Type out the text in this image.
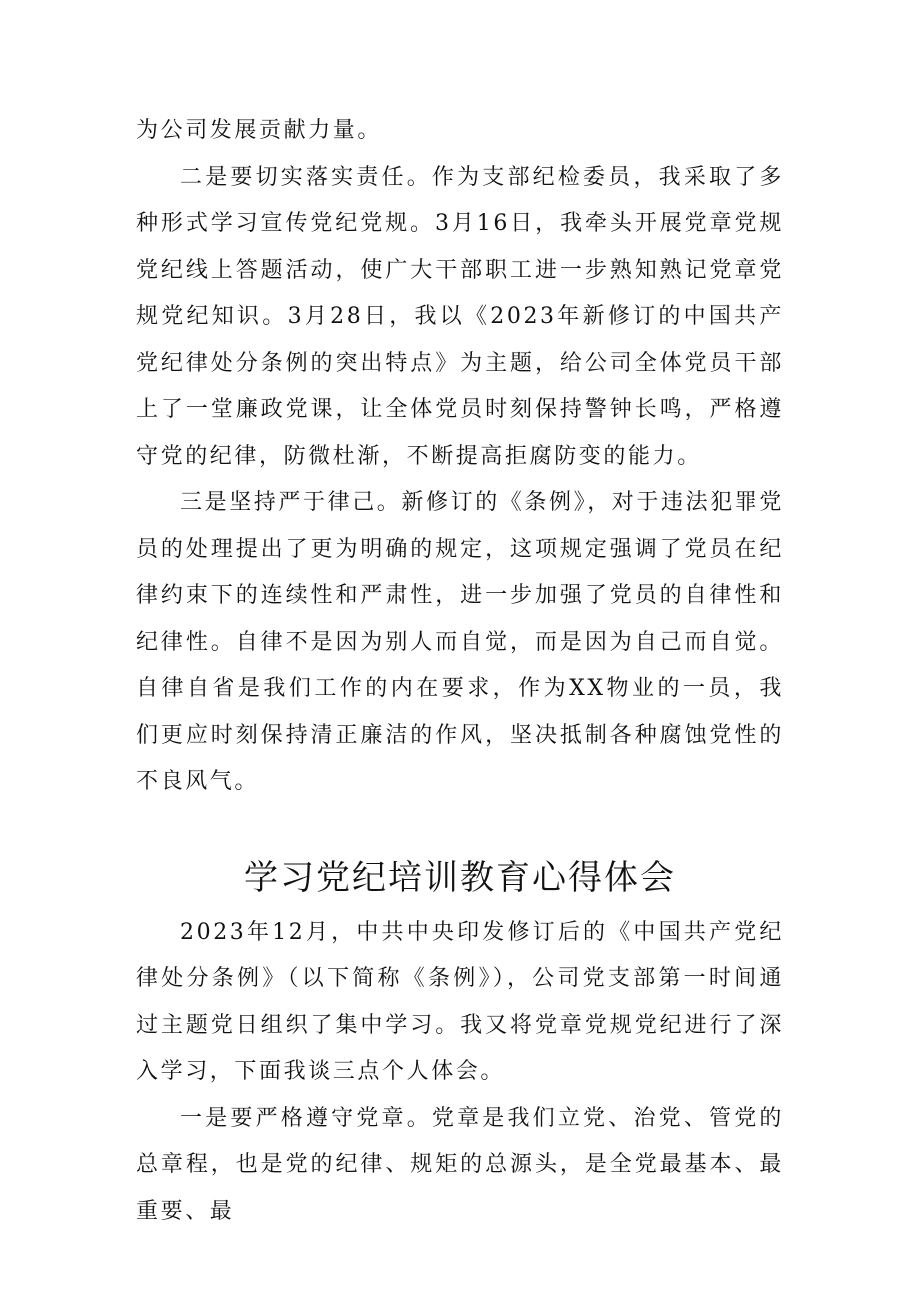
为公司发展贡献力量。

二是要切实落实责任。作为支部纪检委员，我采取了多种形式学习宣传党纪党规。3月16日，我牵头开展党章党规党纪线上答题活动，使广大干部职工进一步熟知熟记党章党规党纪知识。3月28日，我以《2023年新修订的中国共产党纪律处分条例的突出特点》为主题，给公司全体党员干部上了一堂廉政党课，让全体党员时刻保持警钟长鸣，严格遵守党的纪律，防微杜渐，不断提高拒腐防变的能力。

三是坚持严于律己。新修订的《条例》，对于违法犯罪党员的处理提出了更为明确的规定，这项规定强调了党员在纪律约束下的连续性和严肃性，进一步加强了党员的自律性和纪律性。自律不是因为别人而自觉，而是因为自己而自觉。自律自省是我们工作的内在要求，作为XX物业的一员，我们更应时刻保持清正廉洁的作风，坚决抵制各种腐蚀党性的不良风气。

学习党纪培训教育心得体会

2023年12月，中共中央印发修订后的《中国共产党纪律处分条例》（以下简称《条例》），公司党支部第一时间通过主题党日组织了集中学习。我又将党章党规党纪进行了深入学习，下面我谈三点个人体会。

一是要严格遵守党章。党章是我们立党、治党、管党的总章程，也是党的纪律、规矩的总源头，是全党最基本、最重要、最
